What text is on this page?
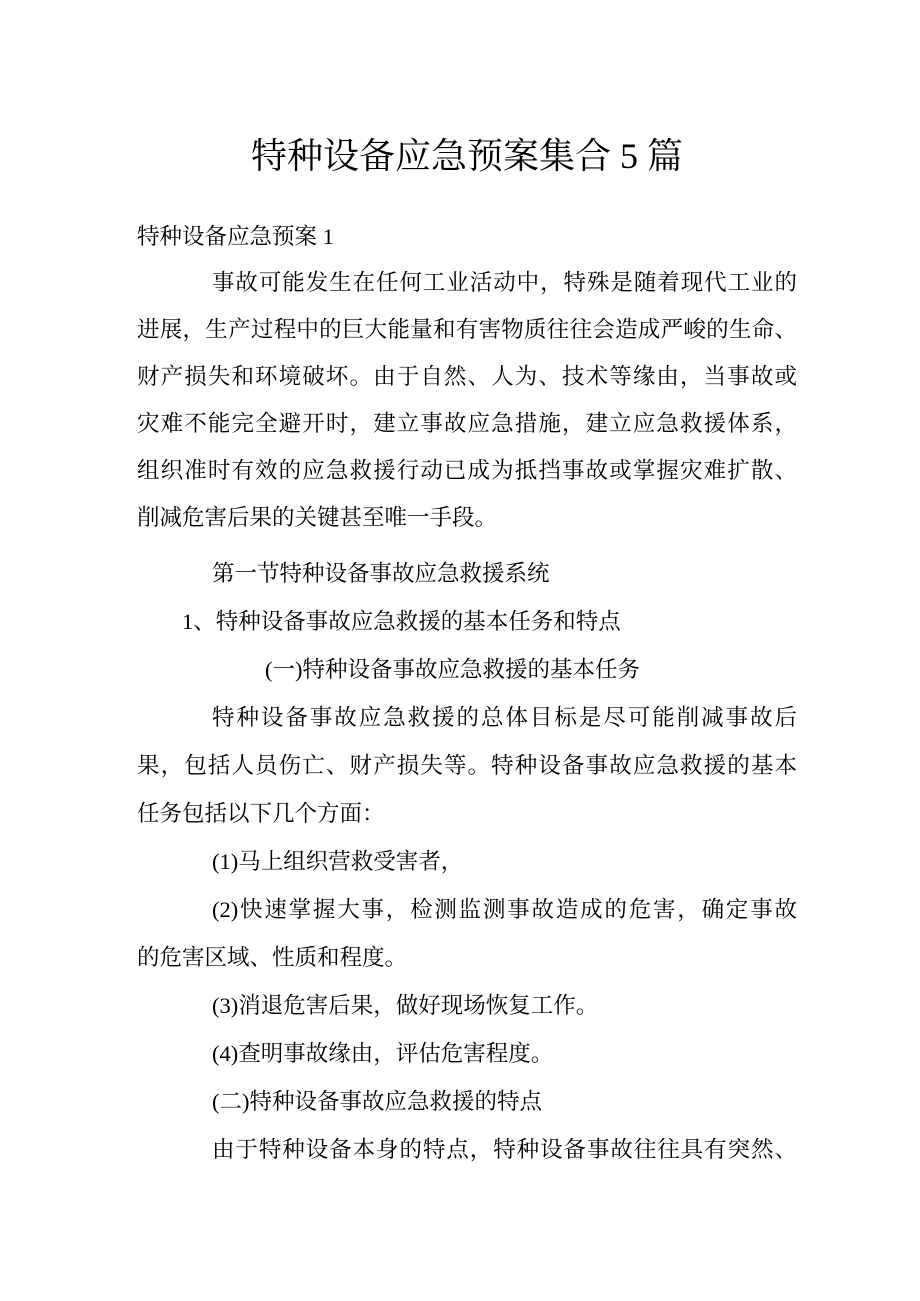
特种设备应急预案集合 5 篇

特种设备应急预案 1

事故可能发生在任何工业活动中，特殊是随着现代工业的
进展，生产过程中的巨大能量和有害物质往往会造成严峻的生命、
财产损失和环境破坏。由于自然、人为、技术等缘由，当事故或
灾难不能完全避开时，建立事故应急措施，建立应急救援体系，
组织准时有效的应急救援行动已成为抵挡事故或掌握灾难扩散、
削减危害后果的关键甚至唯一手段。
第一节特种设备事故应急救援系统
1、特种设备事故应急救援的基本任务和特点
(一)特种设备事故应急救援的基本任务
特种设备事故应急救援的总体目标是尽可能削减事故后
果，包括人员伤亡、财产损失等。特种设备事故应急救援的基本
任务包括以下几个方面：
(1)马上组织营救受害者，
(2)快速掌握大事，检测监测事故造成的危害，确定事故
的危害区域、性质和程度。
(3)消退危害后果，做好现场恢复工作。
(4)查明事故缘由，评估危害程度。
(二)特种设备事故应急救援的特点
由于特种设备本身的特点，特种设备事故往往具有突然、
